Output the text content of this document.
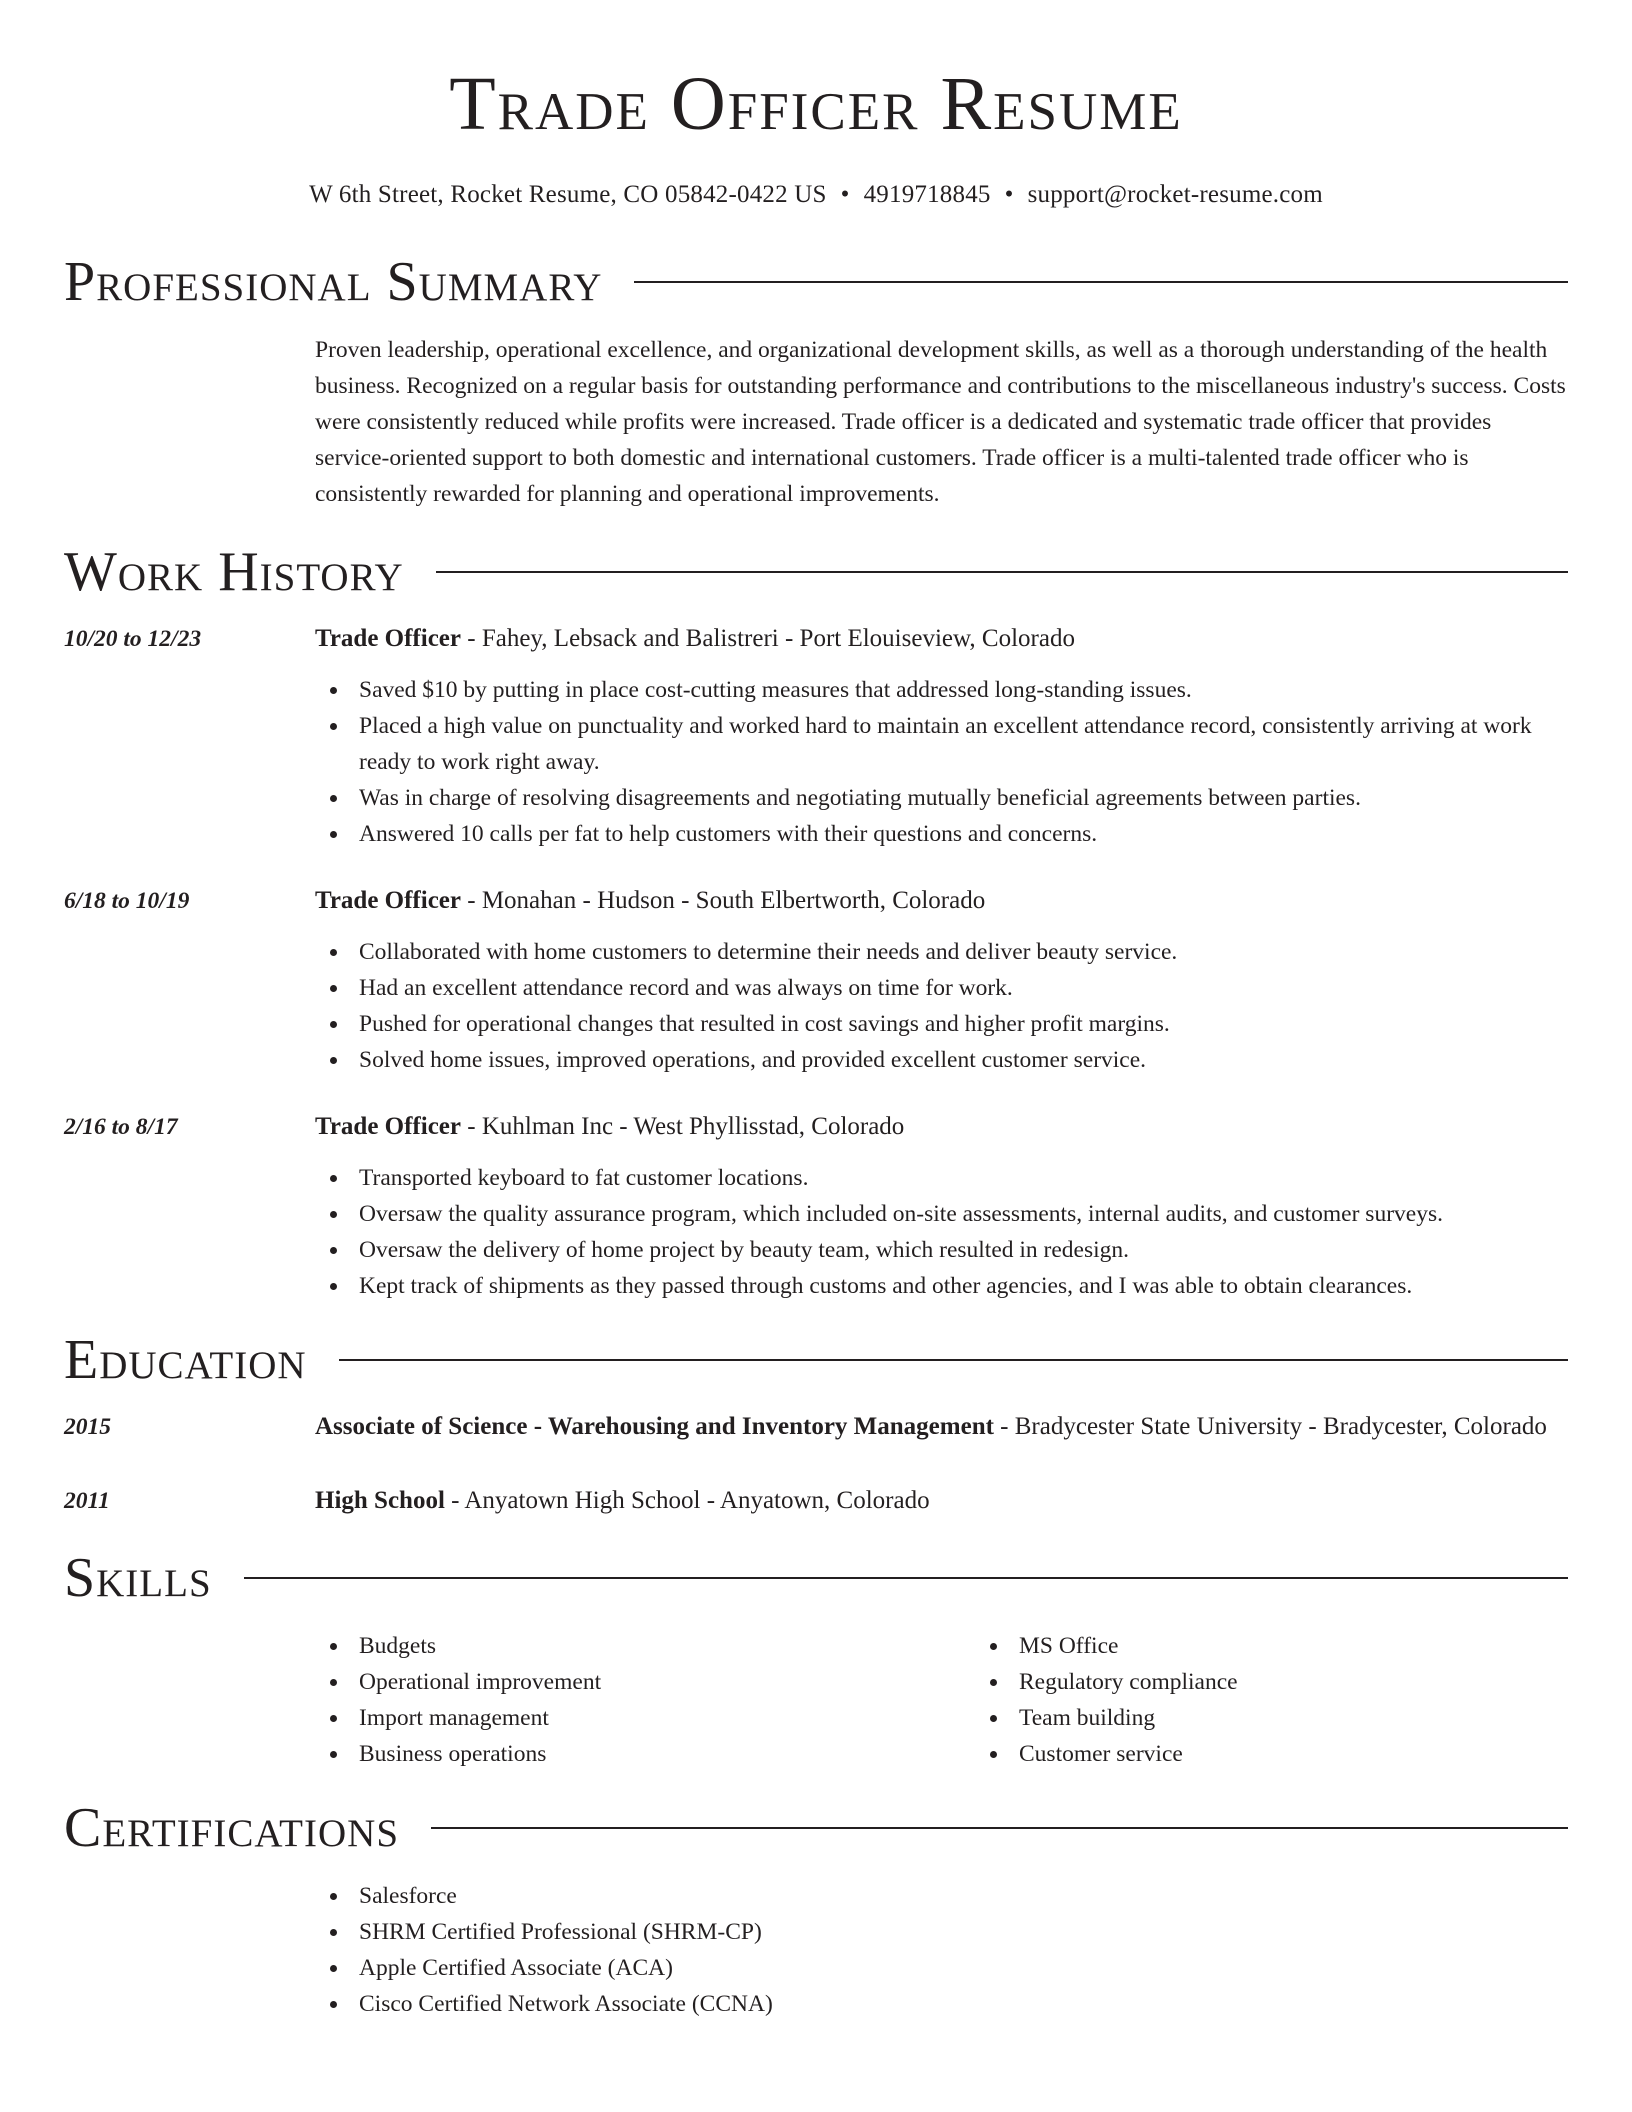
Trade Officer Resume
W 6th Street, Rocket Resume, CO 05842-0422 US • 4919718845 • support@rocket-resume.com
Professional Summary
Proven leadership, operational excellence, and organizational development skills, as well as a thorough understanding of the health business. Recognized on a regular basis for outstanding performance and contributions to the miscellaneous industry's success. Costs were consistently reduced while profits were increased. Trade officer is a dedicated and systematic trade officer that provides service-oriented support to both domestic and international customers. Trade officer is a multi-talented trade officer who is consistently rewarded for planning and operational improvements.
Work History
10/20 to 12/23	Trade Officer - Fahey, Lebsack and Balistreri - Port Elouiseview, Colorado
Saved $10 by putting in place cost-cutting measures that addressed long-standing issues.
Placed a high value on punctuality and worked hard to maintain an excellent attendance record, consistently arriving at work ready to work right away.
Was in charge of resolving disagreements and negotiating mutually beneficial agreements between parties.
Answered 10 calls per fat to help customers with their questions and concerns.
6/18 to 10/19	Trade Officer - Monahan - Hudson - South Elbertworth, Colorado
Collaborated with home customers to determine their needs and deliver beauty service.
Had an excellent attendance record and was always on time for work.
Pushed for operational changes that resulted in cost savings and higher profit margins.
Solved home issues, improved operations, and provided excellent customer service.
2/16 to 8/17	Trade Officer - Kuhlman Inc - West Phyllisstad, Colorado
Transported keyboard to fat customer locations.
Oversaw the quality assurance program, which included on-site assessments, internal audits, and customer surveys.
Oversaw the delivery of home project by beauty team, which resulted in redesign.
Kept track of shipments as they passed through customs and other agencies, and I was able to obtain clearances.
Education
2015	Associate of Science - Warehousing and Inventory Management - Bradycester State University - Bradycester, Colorado
2011	High School - Anyatown High School - Anyatown, Colorado
Skills
Budgets
Operational improvement
Import management
Business operations
MS Office
Regulatory compliance
Team building
Customer service
Certifications
Salesforce
SHRM Certified Professional (SHRM-CP)
Apple Certified Associate (ACA)
Cisco Certified Network Associate (CCNA)
